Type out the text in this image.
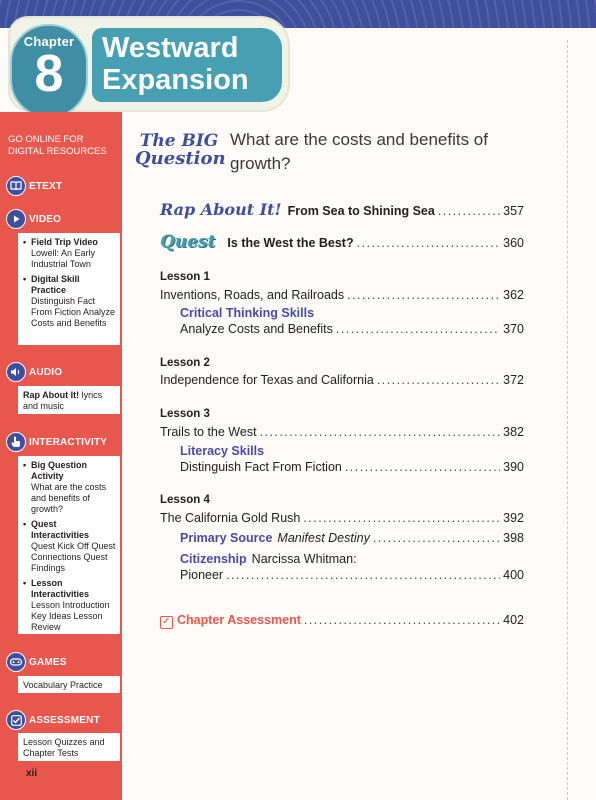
Chapter
8	Westward
Expansion
GO ONLINE FOR DIGITAL RESOURCES
ETEXT
VIDEO
• Field Trip Video
Lowell: An Early Industrial Town
• Digital Skill Practice
Distinguish Fact From Fiction Analyze Costs and Benefits
AUDIO
Rap About It! lyrics and music
INTERACTIVITY
• Big Question Activity
What are the costs and benefits of growth?
• Quest Interactivities
Quest Kick Off Quest Connections Quest Findings
• Lesson Interactivities
Lesson Introduction Key Ideas Lesson Review
GAMES
Vocabulary Practice
ASSESSMENT
Lesson Quizzes and Chapter Tests
xii
The BIG
Question
What are the costs and benefits of growth?
Rap About It! From Sea to Shining Sea . . .	357
Quest Is the West the Best? . . .	360
Lesson 1
Inventions, Roads, and Railroads . . .	362
Critical Thinking Skills
Analyze Costs and Benefits . . .	370
Lesson 2
Independence for Texas and California . . .	372
Lesson 3
Trails to the West . . .	382
Literacy Skills
Distinguish Fact From Fiction . . .	390
Lesson 4
The California Gold Rush . . .	392
Primary Source Manifest Destiny . . .	398
Citizenship Narcissa Whitman:
Pioneer . . .	400
✓ Chapter Assessment . . .	402
